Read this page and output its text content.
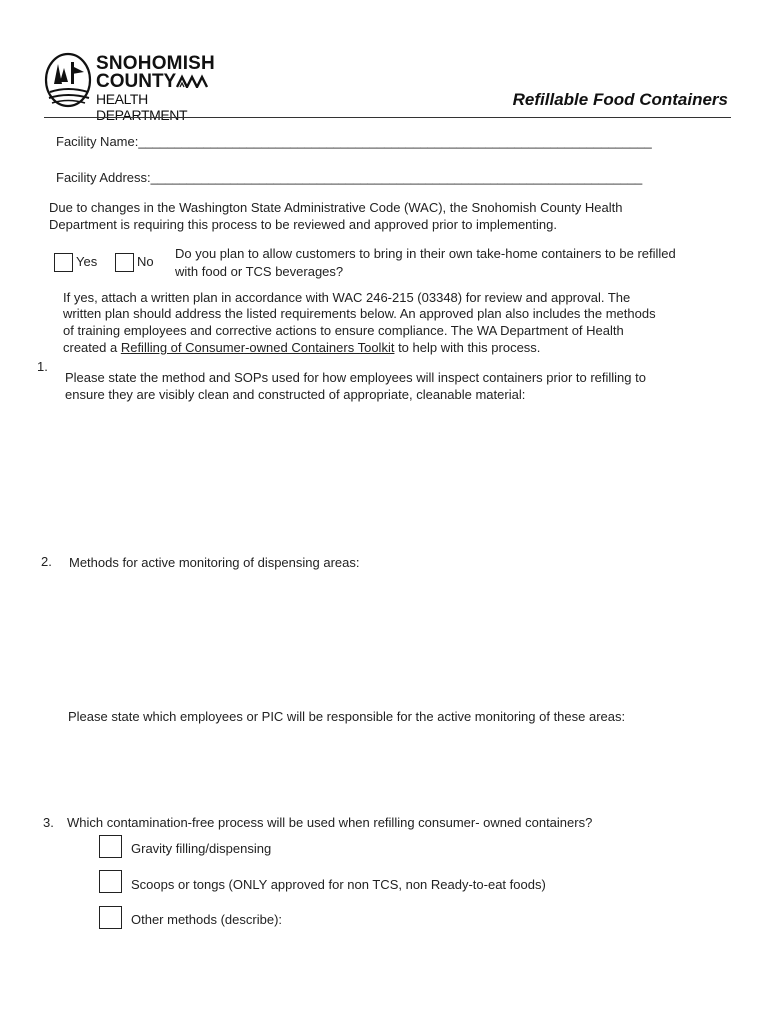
SNOHOMISH
COUNTY
HEALTH DEPARTMENT
Refillable Food Containers
Facility Name:_______________________________________________________________________
Facility Address:____________________________________________________________________
Due to changes in the Washington State Administrative Code (WAC), the Snohomish County Health
Department is requiring this process to be reviewed and approved prior to implementing.
Yes	No
Do you plan to allow customers to bring in their own take-home containers to be refilled
with food or TCS beverages?
If yes, attach a written plan in accordance with WAC 246-215 (03348) for review and approval. The
written plan should address the listed requirements below. An approved plan also includes the methods
of training employees and corrective actions to ensure compliance. The WA Department of Health
created a Refilling of Consumer-owned Containers Toolkit to help with this process.
1.
Please state the method and SOPs used for how employees will inspect containers prior to refilling to
ensure they are visibly clean and constructed of appropriate, cleanable material:
2. Methods for active monitoring of dispensing areas:
Please state which employees or PIC will be responsible for the active monitoring of these areas:
3. Which contamination-free process will be used when refilling consumer- owned containers?
Gravity filling/dispensing
Scoops or tongs (ONLY approved for non TCS, non Ready-to-eat foods)
Other methods (describe):
